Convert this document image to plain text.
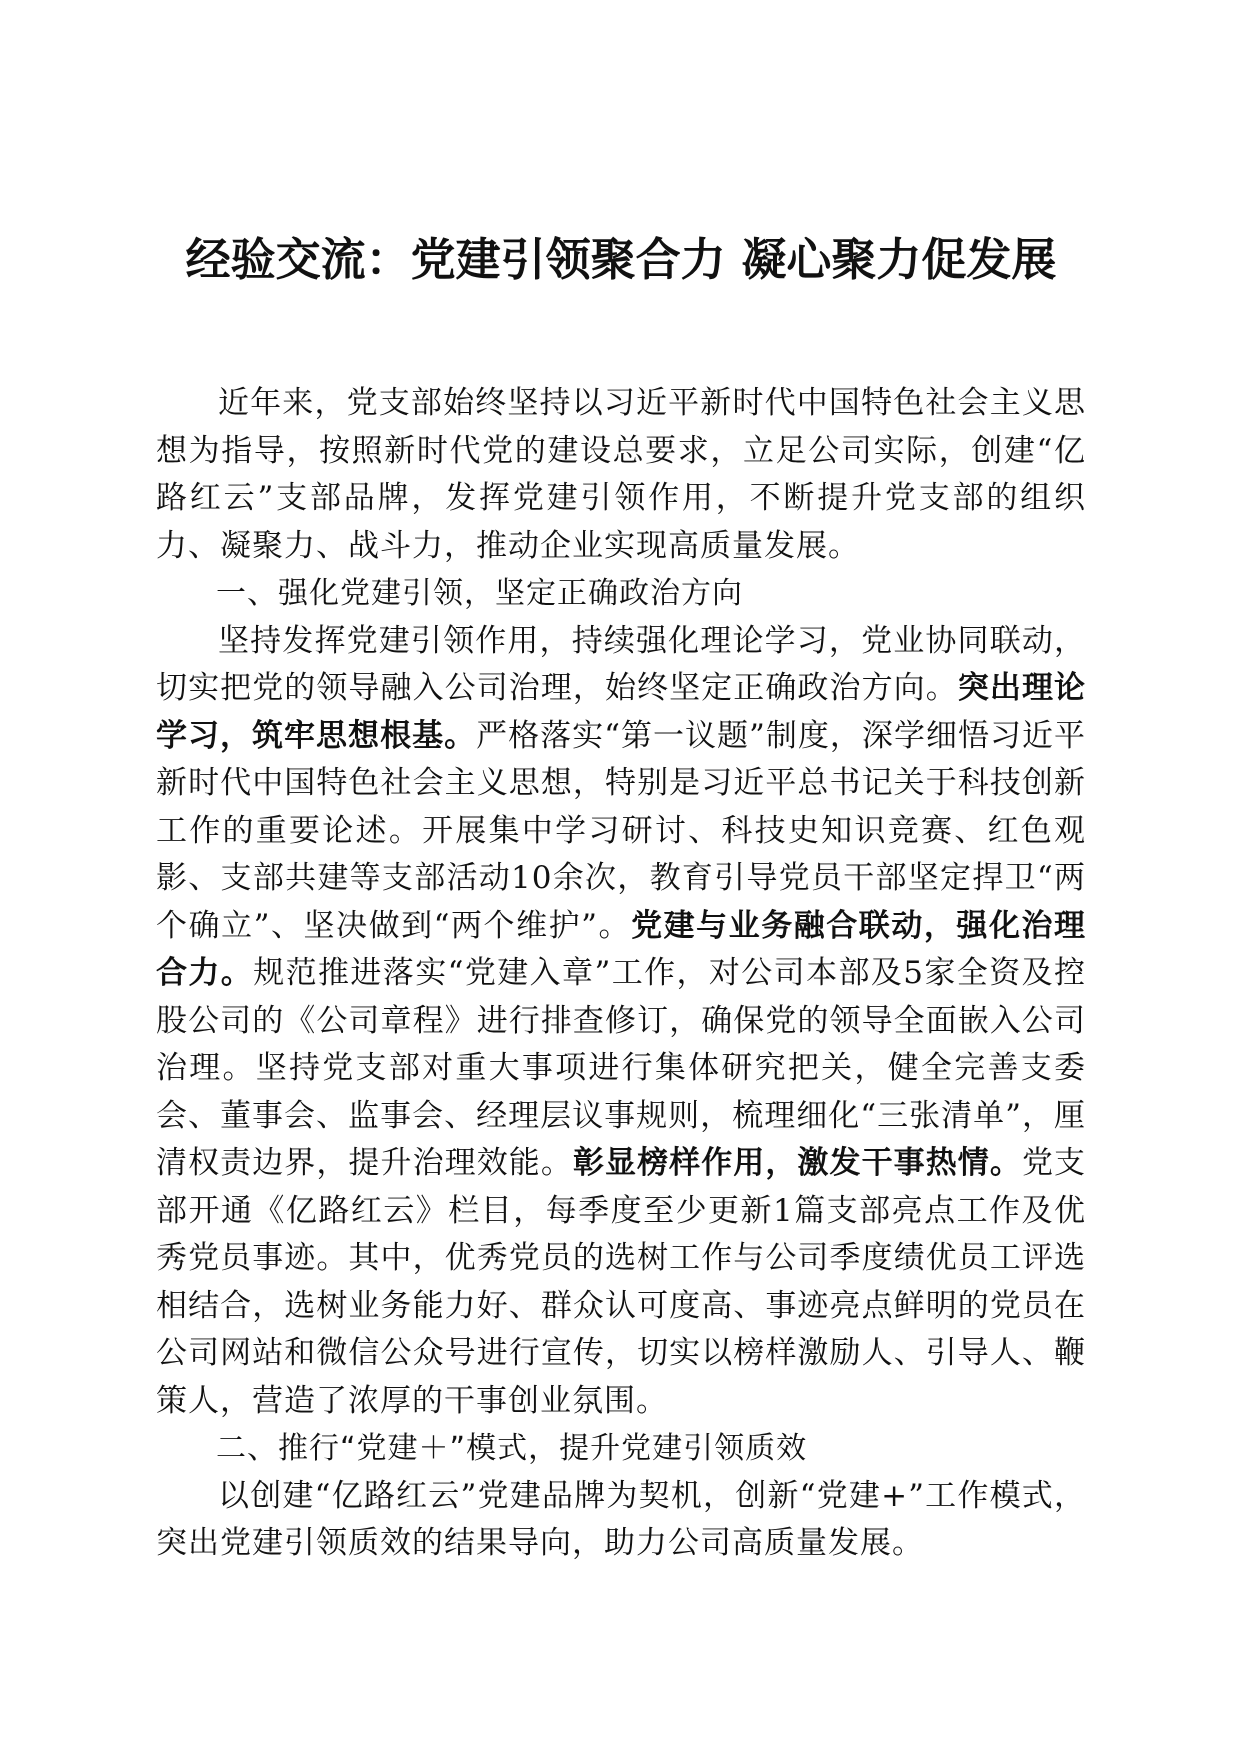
经验交流：党建引领聚合力 凝心聚力促发展

近年来，党支部始终坚持以习近平新时代中国特色社会主义思想为指导，按照新时代党的建设总要求，立足公司实际，创建“亿路红云”支部品牌，发挥党建引领作用，不断提升党支部的组织力、凝聚力、战斗力，推动企业实现高质量发展。

一、强化党建引领，坚定正确政治方向

坚持发挥党建引领作用，持续强化理论学习，党业协同联动，切实把党的领导融入公司治理，始终坚定正确政治方向。突出理论学习，筑牢思想根基。严格落实“第一议题”制度，深学细悟习近平新时代中国特色社会主义思想，特别是习近平总书记关于科技创新工作的重要论述。开展集中学习研讨、科技史知识竞赛、红色观影、支部共建等支部活动10余次，教育引导党员干部坚定捍卫“两个确立”、坚决做到“两个维护”。党建与业务融合联动，强化治理合力。规范推进落实“党建入章”工作，对公司本部及5家全资及控股公司的《公司章程》进行排查修订，确保党的领导全面嵌入公司治理。坚持党支部对重大事项进行集体研究把关，健全完善支委会、董事会、监事会、经理层议事规则，梳理细化“三张清单”，厘清权责边界，提升治理效能。彰显榜样作用，激发干事热情。党支部开通《亿路红云》栏目，每季度至少更新1篇支部亮点工作及优秀党员事迹。其中，优秀党员的选树工作与公司季度绩优员工评选相结合，选树业务能力好、群众认可度高、事迹亮点鲜明的党员在公司网站和微信公众号进行宣传，切实以榜样激励人、引导人、鞭策人，营造了浓厚的干事创业氛围。

二、推行“党建＋”模式，提升党建引领质效

以创建“亿路红云”党建品牌为契机，创新“党建+”工作模式，突出党建引领质效的结果导向，助力公司高质量发展。
